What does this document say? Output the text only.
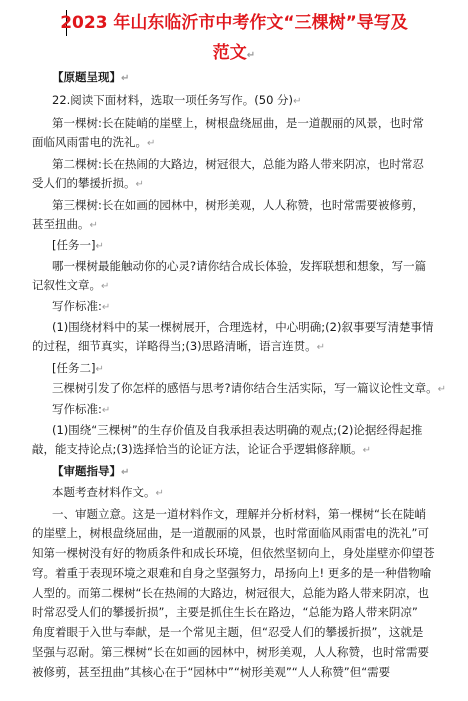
2023 年山东临沂市中考作文“三棵树”导写及
范文↵
【原题呈现】↵
22.阅读下面材料，选取一项任务写作。(50 分)↵
第一棵树:长在陡峭的崖壁上，树根盘绕屈曲，是一道靓丽的风景，也时常
面临风雨雷电的洗礼。↵
第二棵树:长在热闹的大路边，树冠很大，总能为路人带来阴凉，也时常忍
受人们的攀援折损。↵
第三棵树:长在如画的园林中，树形美观，人人称赞，也时常需要被修剪，
甚至扭曲。↵
[任务一]↵
哪一棵树最能触动你的心灵?请你结合成长体验，发挥联想和想象，写一篇
记叙性文章。↵
写作标准:↵
(1)围绕材料中的某一棵树展开，合理选材，中心明确;(2)叙事要写清楚事情
的过程，细节真实，详略得当;(3)思路清晰，语言连贯。↵
[任务二]↵
三棵树引发了你怎样的感悟与思考?请你结合生活实际，写一篇议论性文章。↵
写作标准:↵
(1)围绕“三棵树”的生存价值及自我承担表达明确的观点;(2)论据经得起推
敲，能支持论点;(3)选择恰当的论证方法，论证合乎逻辑修辞顺。↵
【审题指导】↵
本题考查材料作文。↵
一、审题立意。这是一道材料作文，理解并分析材料，第一棵树“长在陡峭
的崖壁上，树根盘绕屈曲，是一道靓丽的风景，也时常面临风雨雷电的洗礼”可
知第一棵树没有好的物质条件和成长环境，但依然坚韧向上，身处崖壁亦仰望苍
穹。着重于表现环境之艰难和自身之坚强努力，昂扬向上! 更多的是一种借物喻
人型的。而第二棵树“长在热闹的大路边，树冠很大，总能为路人带来阴凉，也
时常忍受人们的攀援折损”，主要是抓住生长在路边，“总能为路人带来阴凉”
角度着眼于入世与奉献，是一个常见主题，但“忍受人们的攀援折损”，这就是
坚强与忍耐。第三棵树“长在如画的园林中，树形美观，人人称赞，也时常需要
被修剪，甚至扭曲”其核心在于“园林中”“树形美观”“人人称赞”但“需要
